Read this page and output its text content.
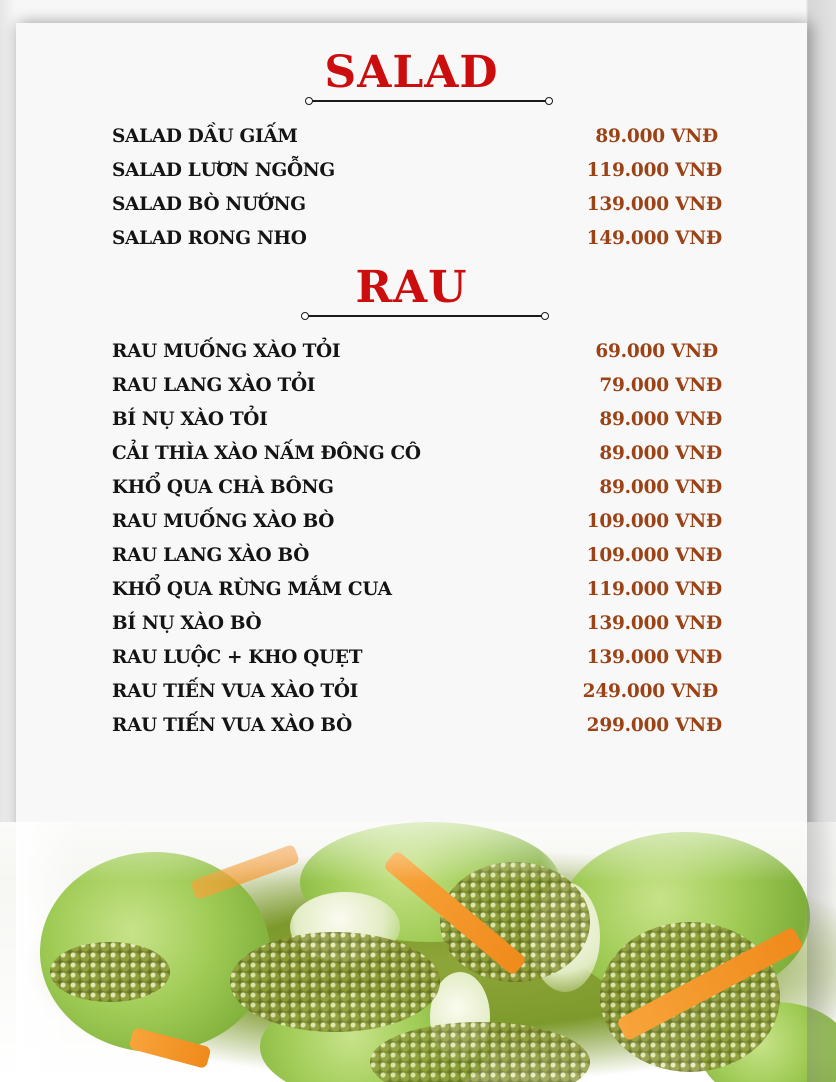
SALAD
SALAD DẦU GIẤM	89.000 VNĐ
SALAD LƯƠN NGỖNG	119.000 VNĐ
SALAD BÒ NƯỚNG	139.000 VNĐ
SALAD RONG NHO	149.000 VNĐ
RAU
RAU MUỐNG XÀO TỎI	69.000 VNĐ
RAU LANG XÀO TỎI	79.000 VNĐ
BÍ NỤ XÀO TỎI	89.000 VNĐ
CẢI THÌA XÀO NẤM ĐÔNG CÔ	89.000 VNĐ
KHỔ QUA CHÀ BÔNG	89.000 VNĐ
RAU MUỐNG XÀO BÒ	109.000 VNĐ
RAU LANG XÀO BÒ	109.000 VNĐ
KHỔ QUA RỪNG MẮM CUA	119.000 VNĐ
BÍ NỤ XÀO BÒ	139.000 VNĐ
RAU LUỘC + KHO QUẸT	139.000 VNĐ
RAU TIẾN VUA XÀO TỎI	249.000 VNĐ
RAU TIẾN VUA XÀO BÒ	299.000 VNĐ
